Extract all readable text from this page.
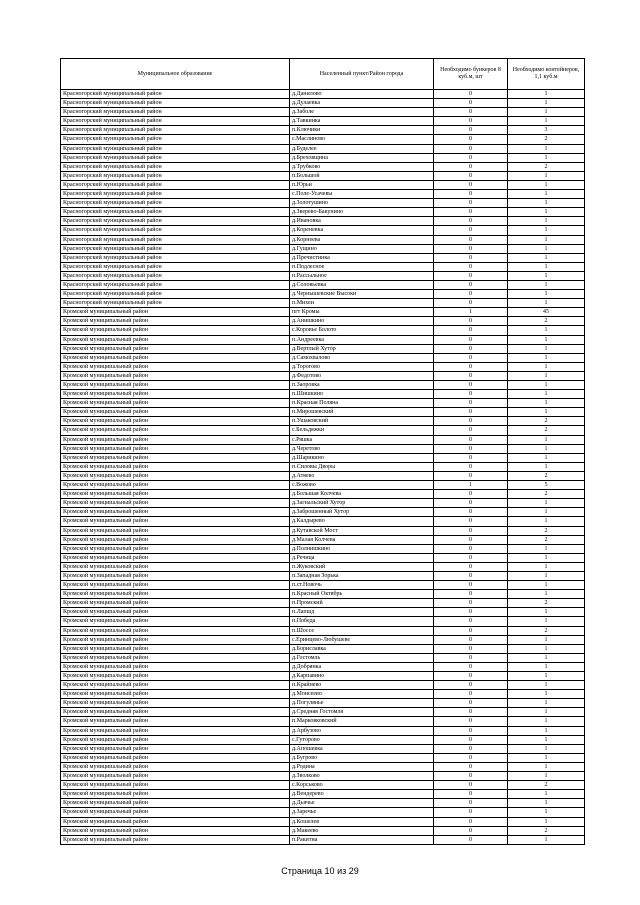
Муниципальное образование	Населенный пункт/Район города	Необходимо бункеров 8 куб.м, шт	Необходимо контейнеров, 1,1 куб.м
Красногорский муниципальный район	д.Данилово	0	1
Красногорский муниципальный район	д.Дулаевка	0	1
Красногорский муниципальный район	д.Заболе	0	1
Красногорский муниципальный район	д.Тавкинка	0	1
Красногорский муниципальный район	п.Ключики	0	3
Красногорский муниципальный район	с.Маслиново	0	2
Красногорский муниципальный район	д.Буделее	0	1
Красногорский муниципальный район	д.Бреховщина	0	1
Красногорский муниципальный район	д.Трубково	0	2
Красногорский муниципальный район	п.Большой	0	1
Красногорский муниципальный район	п.Юрьи	0	1
Красногорский муниципальный район	с.Поле-Усачевы	0	1
Красногорский муниципальный район	д.Золотушино	0	1
Красногорский муниципальный район	д.Зверево-Бакунино	0	1
Красногорский муниципальный район	д.Ивановка	0	1
Красногорский муниципальный район	д.Кореневка	0	1
Красногорский муниципальный район	д.Корнеева	0	1
Красногорский муниципальный район	д.Гущино	0	1
Красногорский муниципальный район	д.Пречистинка	0	1
Красногорский муниципальный район	п.Подлесное	0	1
Красногорский муниципальный район	п.Рассыльное	0	1
Красногорский муниципальный район	д.Соловьевка	0	1
Красногорский муниципальный район	д.Чернышевские Высоки	0	1
Красногорский муниципальный район	п.Михеи	0	1
Кромской муниципальный район	пгт Кромы	1	45
Кромской муниципальный район	д.Анишкино	0	2
Кромской муниципальный район	с.Коровье Болото	0	1
Кромской муниципальный район	п.Андреевка	0	1
Кромской муниципальный район	д.Вертлый Хутор	0	1
Кромской муниципальный район	д.Самохвалово	0	1
Кромской муниципальный район	д.Торогово	0	1
Кромской муниципальный район	д.Федотово	0	1
Кромской муниципальный район	п.Заоровка	0	1
Кромской муниципальный район	п.Шишкино	0	1
Кромской муниципальный район	п.Красная Поляна	0	1
Кромской муниципальный район	п.Мирошевский	0	1
Кромской муниципальный район	п.Ушаковский	0	2
Кромской муниципальный район	с.Бельдяжки	0	2
Кромской муниципальный район	с.Ряшка	0	1
Кромской муниципальный район	д.Черетово	0	1
Кромской муниципальный район	д.Шарикино	0	1
Кромской муниципальный район	п.Силовы Дворы	0	1
Кромской муниципальный район	д.Атяево	0	2
Кромской муниципальный район	с.Вожово	1	5
Кромской муниципальный район	д.Большая Колчева	0	2
Кромской муниципальный район	д.Загнальский Хутор	0	1
Кромской муниципальный район	д.Заброшенный Хутор	0	1
Кромской муниципальный район	д.Калдырево	0	1
Кромской муниципальный район	д.Кутавской Мост	0	2
Кромской муниципальный район	д.Малая Колчева	0	2
Кромской муниципальный район	д.Полнишкино	0	1
Кромской муниципальный район	д.Речица	0	1
Кромской муниципальный район	п.Жуковский	0	1
Кромской муниципальный район	п.Западная Зорька	0	1
Кромской муниципальный район	п.ст.Новочь	0	1
Кромской муниципальный район	п.Красный Октябрь	0	1
Кромской муниципальный район	п.Промский	0	2
Кромской муниципальный район	п.Лапшд	0	1
Кромской муниципальный район	п.Победа	0	1
Кромской муниципальный район	п.Шоссе	0	2
Кромской муниципальный район	с.Еринцево-Любушеве	0	1
Кромской муниципальный район	д.Бориславка	0	1
Кромской муниципальный район	д.Гостомль	0	1
Кромской муниципальный район	д.Добрянка	0	1
Кромской муниципальный район	д.Карпавино	0	1
Кромской муниципальный район	п.Крайнево	0	1
Кромской муниципальный район	д.Моисеево	0	1
Кромской муниципальный район	д.Погулянье	0	1
Кромской муниципальный район	д.Средняя Гостомля	0	1
Кромской муниципальный район	п.Марковковский	0	1
Кромской муниципальный район	д.Арбузово	0	1
Кромской муниципальный район	с.Гуторово	0	1
Кромской муниципальный район	д.Апошевка	0	1
Кромской муниципальный район	д.Бугрово	0	1
Кромской муниципальный район	д.Родина	0	1
Кромской муниципальный район	д.Зволково	0	1
Кромской муниципальный район	с.Корськово	0	2
Кромской муниципальный район	д.Вендерево	0	1
Кромской муниципальный район	д.Дьячье	0	1
Кромской муниципальный район	д.Заречье	0	1
Кромской муниципальный район	д.Кошелев	0	1
Кромской муниципальный район	д.Макеево	0	2
Кромской муниципальный район	п.Ракитна	0	1
Страница 10 из 29
